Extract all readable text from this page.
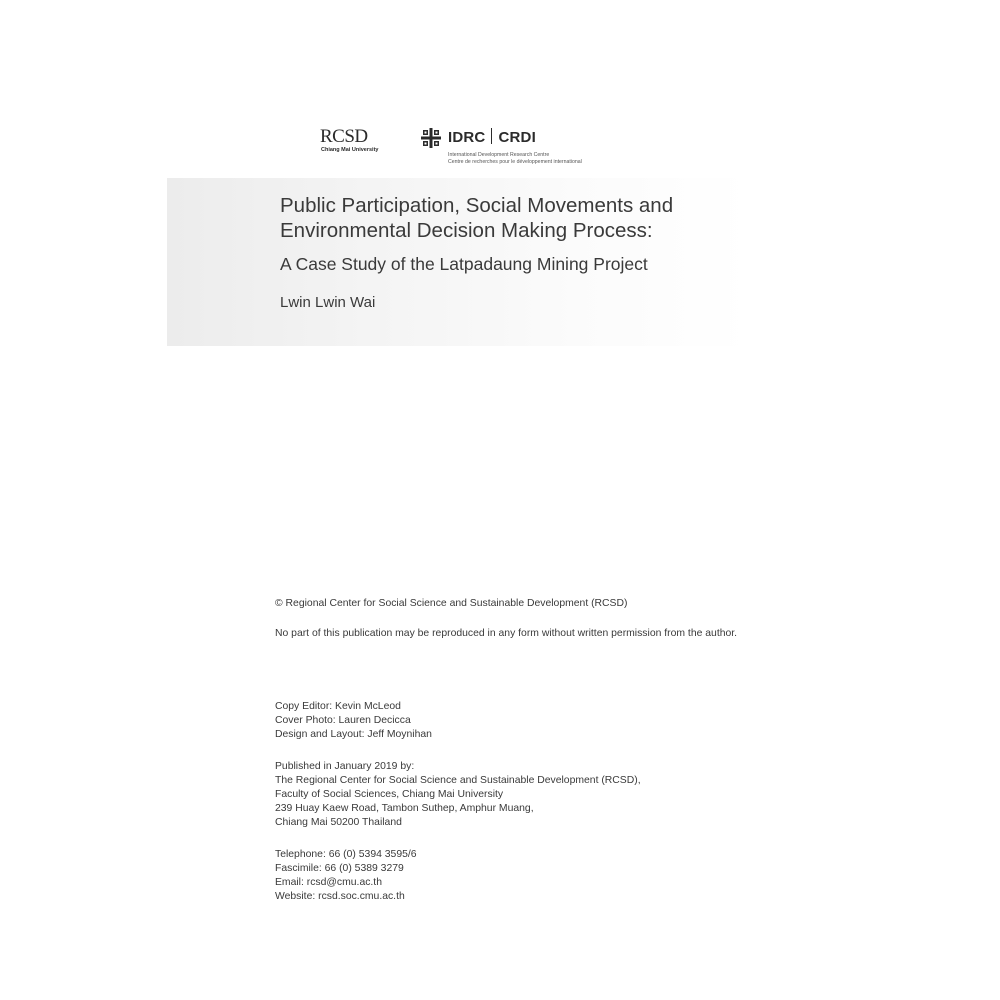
RCSD
Chiang Mai University
IDRC CRDI
International Development Research Centre
Centre de recherches pour le développement international
Public Participation, Social Movements and
Environmental Decision Making Process:
A Case Study of the Latpadaung Mining Project

Lwin Lwin Wai

© Regional Center for Social Science and Sustainable Development (RCSD)

No part of this publication may be reproduced in any form without written permission from the author.

Copy Editor: Kevin McLeod
Cover Photo: Lauren Decicca
Design and Layout: Jeff Moynihan
Published in January 2019 by:
The Regional Center for Social Science and Sustainable Development (RCSD),
Faculty of Social Sciences, Chiang Mai University
239 Huay Kaew Road, Tambon Suthep, Amphur Muang,
Chiang Mai 50200 Thailand
Telephone: 66 (0) 5394 3595/6
Fascimile: 66 (0) 5389 3279
Email: rcsd@cmu.ac.th
Website: rcsd.soc.cmu.ac.th
